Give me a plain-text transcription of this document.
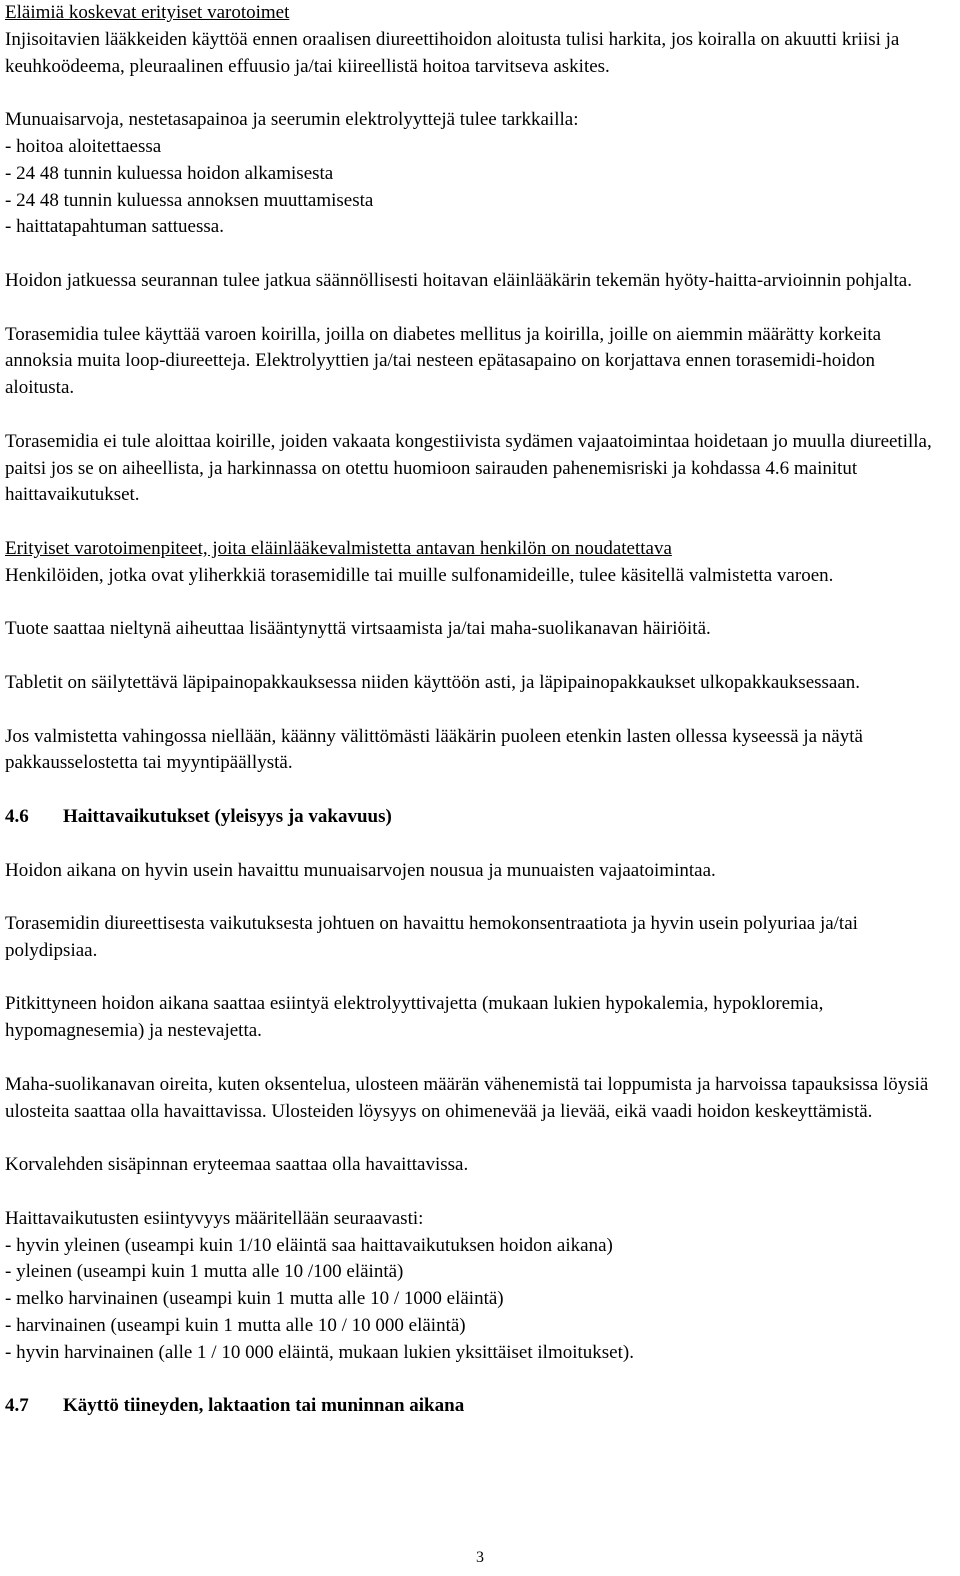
Eläimiä koskevat erityiset varotoimet

Injisoitavien lääkkeiden käyttöä ennen oraalisen diureettihoidon aloitusta tulisi harkita, jos koiralla on akuutti kriisi ja keuhkoödeema, pleuraalinen effuusio ja/tai kiireellistä hoitoa tarvitseva askites.

Munuaisarvoja, nestetasapainoa ja seerumin elektrolyyttejä tulee tarkkailla:

- hoitoa aloitettaessa
- 24 48 tunnin kuluessa hoidon alkamisesta
- 24 48 tunnin kuluessa annoksen muuttamisesta
- haittatapahtuman sattuessa.

Hoidon jatkuessa seurannan tulee jatkua säännöllisesti hoitavan eläinlääkärin tekemän hyöty-haitta-arvioinnin pohjalta.

Torasemidia tulee käyttää varoen koirilla, joilla on diabetes mellitus ja koirilla, joille on aiemmin määrätty korkeita annoksia muita loop-diureetteja. Elektrolyyttien ja/tai nesteen epätasapaino on korjattava ennen torasemidi-hoidon aloitusta.

Torasemidia ei tule aloittaa koirille, joiden vakaata kongestiivista sydämen vajaatoimintaa hoidetaan jo muulla diureetilla, paitsi jos se on aiheellista, ja harkinnassa on otettu huomioon sairauden pahenemisriski ja kohdassa 4.6 mainitut haittavaikutukset.

Erityiset varotoimenpiteet, joita eläinlääkevalmistetta antavan henkilön on noudatettava

Henkilöiden, jotka ovat yliherkkiä torasemidille tai muille sulfonamideille, tulee käsitellä valmistetta varoen.

Tuote saattaa nieltynä aiheuttaa lisääntynyttä virtsaamista ja/tai maha-suolikanavan häiriöitä.

Tabletit on säilytettävä läpipainopakkauksessa niiden käyttöön asti, ja läpipainopakkaukset ulkopakkauksessaan.

Jos valmistetta vahingossa niellään, käänny välittömästi lääkärin puoleen etenkin lasten ollessa kyseessä ja näytä pakkausselostetta tai myyntipäällystä.

4.6	Haittavaikutukset (yleisyys ja vakavuus)

Hoidon aikana on hyvin usein havaittu munuaisarvojen nousua ja munuaisten vajaatoimintaa.

Torasemidin diureettisesta vaikutuksesta johtuen on havaittu hemokonsentraatiota ja hyvin usein polyuriaa ja/tai polydipsiaa.

Pitkittyneen hoidon aikana saattaa esiintyä elektrolyyttivajetta (mukaan lukien hypokalemia, hypokloremia, hypomagnesemia) ja nestevajetta.

Maha-suolikanavan oireita, kuten oksentelua, ulosteen määrän vähenemistä tai loppumista ja harvoissa tapauksissa löysiä ulosteita saattaa olla havaittavissa. Ulosteiden löysyys on ohimenevää ja lievää, eikä vaadi hoidon keskeyttämistä.

Korvalehden sisäpinnan eryteemaa saattaa olla havaittavissa.

Haittavaikutusten esiintyvyys määritellään seuraavasti:

- hyvin yleinen (useampi kuin 1/10 eläintä saa haittavaikutuksen hoidon aikana)
- yleinen (useampi kuin 1 mutta alle 10 /100 eläintä)
- melko harvinainen (useampi kuin 1 mutta alle 10 / 1000 eläintä)
- harvinainen (useampi kuin 1 mutta alle 10 / 10 000 eläintä)
- hyvin harvinainen (alle 1 / 10 000 eläintä, mukaan lukien yksittäiset ilmoitukset).

4.7	Käyttö tiineyden, laktaation tai muninnan aikana

3
